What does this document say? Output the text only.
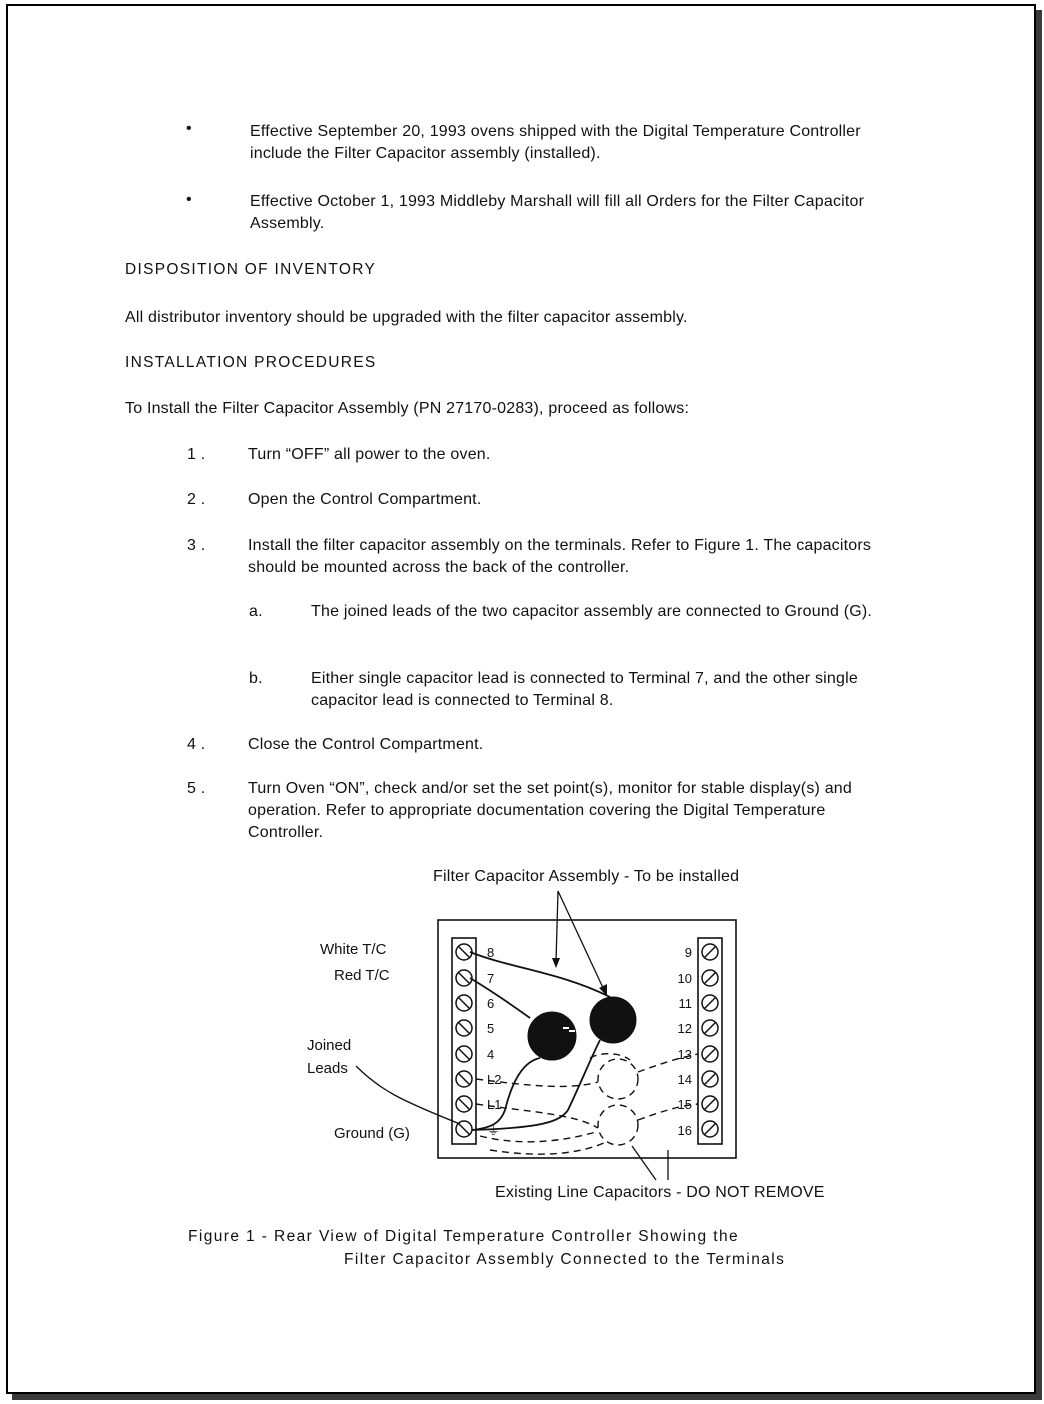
•	Effective September 20, 1993 ovens shipped with the Digital Temperature Controller include the Filter Capacitor assembly (installed).
•	Effective October 1, 1993 Middleby Marshall will fill all Orders for the Filter Capacitor Assembly.
DISPOSITION OF INVENTORY
All distributor inventory should be upgraded with the filter capacitor assembly.
INSTALLATION PROCEDURES
To Install the Filter Capacitor Assembly (PN 27170-0283), proceed as follows:
1 .	Turn “OFF” all power to the oven.
2 .	Open the Control Compartment.
3 .	Install the filter capacitor assembly on the terminals. Refer to Figure 1. The capacitors should be mounted across the back of the controller.
a.	The joined leads of the two capacitor assembly are connected to Ground (G).
b.	Either single capacitor lead is connected to Terminal 7, and the other single capacitor lead is connected to Terminal 8.
4 .	Close the Control Compartment.
5 .	Turn Oven “ON”, check and/or set the set point(s), monitor for stable display(s) and operation. Refer to appropriate documentation covering the Digital Temperature Controller.
Filter Capacitor Assembly - To be installed
White T/C
Red T/C
Joined
Leads
Ground (G)
Existing Line Capacitors - DO NOT REMOVE
8
7
6
5
4
L2
L1
⏚
9
10
11
12
13
14
15
16
Figure 1 - Rear View of Digital Temperature Controller Showing the
Filter Capacitor Assembly Connected to the Terminals
